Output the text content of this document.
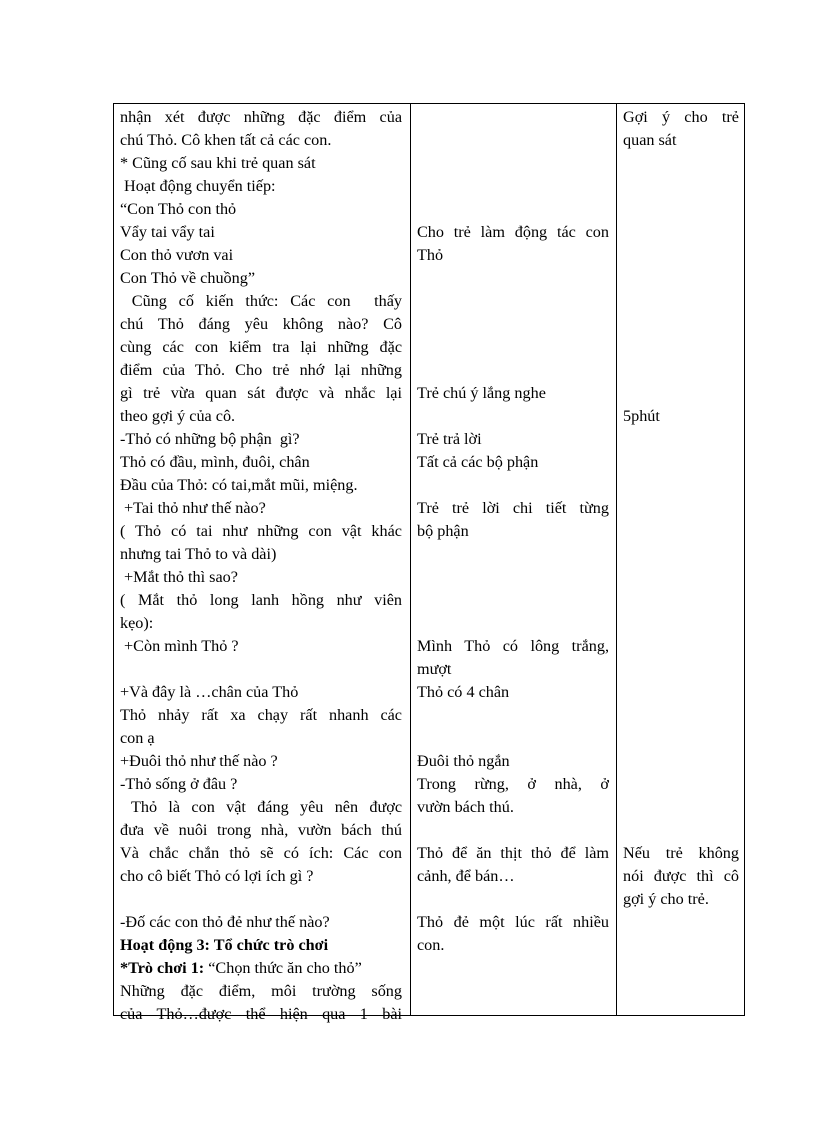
nhận xét được những đặc điểm của
chú Thỏ. Cô khen tất cả các con.
* Cũng cố sau khi trẻ quan sát
Hoạt động chuyển tiếp:
“Con Thỏ con thỏ
Vẩy tai vẩy tai
Con thỏ vươn vai
Con Thỏ về chuồng”
Cũng cố kiến thức: Các con  thấy
chú Thỏ đáng yêu không nào? Cô
cùng các con kiểm tra lại những đặc
điểm của Thỏ. Cho trẻ nhớ lại những
gì trẻ vừa quan sát được và nhắc lại
theo gợi ý của cô.
-Thỏ có những bộ phận  gì?
Thỏ có đầu, mình, đuôi, chân
Đầu của Thỏ: có tai,mắt mũi, miệng.
+Tai thỏ như thế nào?
( Thỏ có tai như những con vật khác
nhưng tai Thỏ to và dài)
+Mắt thỏ thì sao?
( Mắt thỏ long lanh hồng như viên
kẹo):
+Còn mình Thỏ ?
+Và đây là …chân của Thỏ
Thỏ nhảy rất xa chạy rất nhanh các
con ạ
+Đuôi thỏ như thế nào ?
-Thỏ sống ở đâu ?
Thỏ là con vật đáng yêu nên được
đưa về nuôi trong nhà, vườn bách thú
Và chắc chắn thỏ sẽ có ích: Các con
cho cô biết Thỏ có lợi ích gì ?
-Đố các con thỏ đẻ như thế nào?
Hoạt động 3: Tổ chức trò chơi
*Trò chơi 1: “Chọn thức ăn cho thỏ”
Những đặc điểm, môi trường sống
của Thỏ…được thể hiện qua 1 bài
Cho trẻ làm động tác con
Thỏ
Trẻ chú ý lắng nghe
Trẻ trả lời
Tất cả các bộ phận
Trẻ trẻ lời chi tiết từng
bộ phận
Mình Thỏ có lông trắng,
mượt
Thỏ có 4 chân
Đuôi thỏ ngắn
Trong rừng, ở nhà, ở
vườn bách thú.
Thỏ để ăn thịt thỏ để làm
cảnh, để bán…
Thỏ đẻ một lúc rất nhiều
con.
Gợi ý cho trẻ
quan sát
5phút
Nếu trẻ không
nói được thì cô
gợi ý cho trẻ.
